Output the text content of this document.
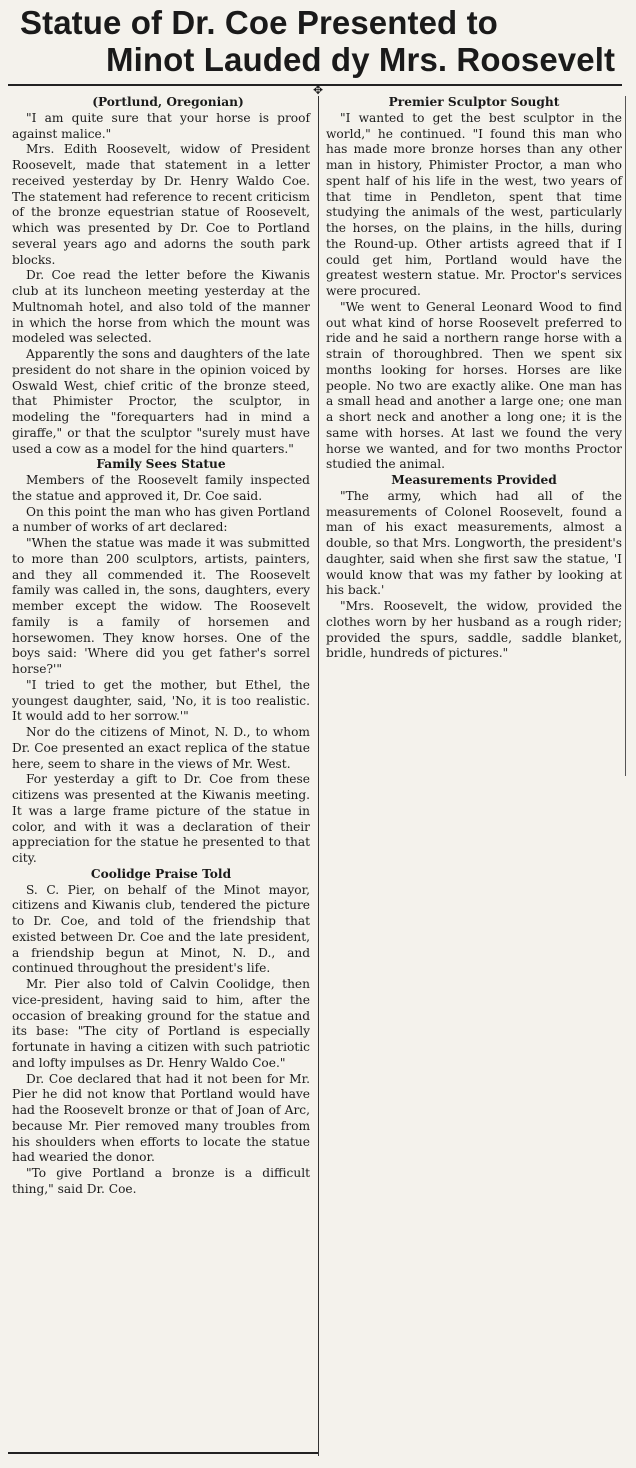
Statue of Dr. Coe Presented to
Minot Lauded dy Mrs. Roosevelt
✥

(Portlund, Oregonian)

"I am quite sure that your horse is proof against malice."

Mrs. Edith Roosevelt, widow of President Roosevelt, made that statement in a letter received yesterday by Dr. Henry Waldo Coe. The statement had reference to recent criticism of the bronze equestrian statue of Roosevelt, which was presented by Dr. Coe to Portland several years ago and adorns the south park blocks.

Dr. Coe read the letter before the Kiwanis club at its luncheon meeting yesterday at the Multnomah hotel, and also told of the manner in which the horse from which the mount was modeled was selected.

Apparently the sons and daughters of the late president do not share in the opinion voiced by Oswald West, chief critic of the bronze steed, that Phimister Proctor, the sculptor, in modeling the "forequarters had in mind a giraffe," or that the sculptor "surely must have used a cow as a model for the hind quarters."

Family Sees Statue

Members of the Roosevelt family inspected the statue and approved it, Dr. Coe said.

On this point the man who has given Portland a number of works of art declared:

"When the statue was made it was submitted to more than 200 sculptors, artists, painters, and they all commended it. The Roosevelt family was called in, the sons, daughters, every member except the widow. The Roosevelt family is a family of horsemen and horsewomen. They know horses. One of the boys said: 'Where did you get father's sorrel horse?'"

"I tried to get the mother, but Ethel, the youngest daughter, said, 'No, it is too realistic. It would add to her sorrow.'"

Nor do the citizens of Minot, N. D., to whom Dr. Coe presented an exact replica of the statue here, seem to share in the views of Mr. West.

For yesterday a gift to Dr. Coe from these citizens was presented at the Kiwanis meeting. It was a large frame picture of the statue in color, and with it was a declaration of their appreciation for the statue he presented to that city.

Coolidge Praise Told

S. C. Pier, on behalf of the Minot mayor, citizens and Kiwanis club, tendered the picture to Dr. Coe, and told of the friendship that existed between Dr. Coe and the late president, a friendship begun at Minot, N. D., and continued throughout the president's life.

Mr. Pier also told of Calvin Coolidge, then vice-president, having said to him, after the occasion of breaking ground for the statue and its base: "The city of Portland is especially fortunate in having a citizen with such patriotic and lofty impulses as Dr. Henry Waldo Coe."

Dr. Coe declared that had it not been for Mr. Pier he did not know that Portland would have had the Roosevelt bronze or that of Joan of Arc, because Mr. Pier removed many troubles from his shoulders when efforts to locate the statue had wearied the donor.

"To give Portland a bronze is a difficult thing," said Dr. Coe.

Premier Sculptor Sought

"I wanted to get the best sculptor in the world," he continued. "I found this man who has made more bronze horses than any other man in history, Phimister Proctor, a man who spent half of his life in the west, two years of that time in Pendleton, spent that time studying the animals of the west, particularly the horses, on the plains, in the hills, during the Round-up. Other artists agreed that if I could get him, Portland would have the greatest western statue. Mr. Proctor's services were procured.

"We went to General Leonard Wood to find out what kind of horse Roosevelt preferred to ride and he said a northern range horse with a strain of thoroughbred. Then we spent six months looking for horses. Horses are like people. No two are exactly alike. One man has a small head and another a large one; one man a short neck and another a long one; it is the same with horses. At last we found the very horse we wanted, and for two months Proctor studied the animal.

Measurements Provided

"The army, which had all of the measurements of Colonel Roosevelt, found a man of his exact measurements, almost a double, so that Mrs. Longworth, the president's daughter, said when she first saw the statue, 'I would know that was my father by looking at his back.'

"Mrs. Roosevelt, the widow, provided the clothes worn by her husband as a rough rider; provided the spurs, saddle, saddle blanket, bridle, hundreds of pictures."
